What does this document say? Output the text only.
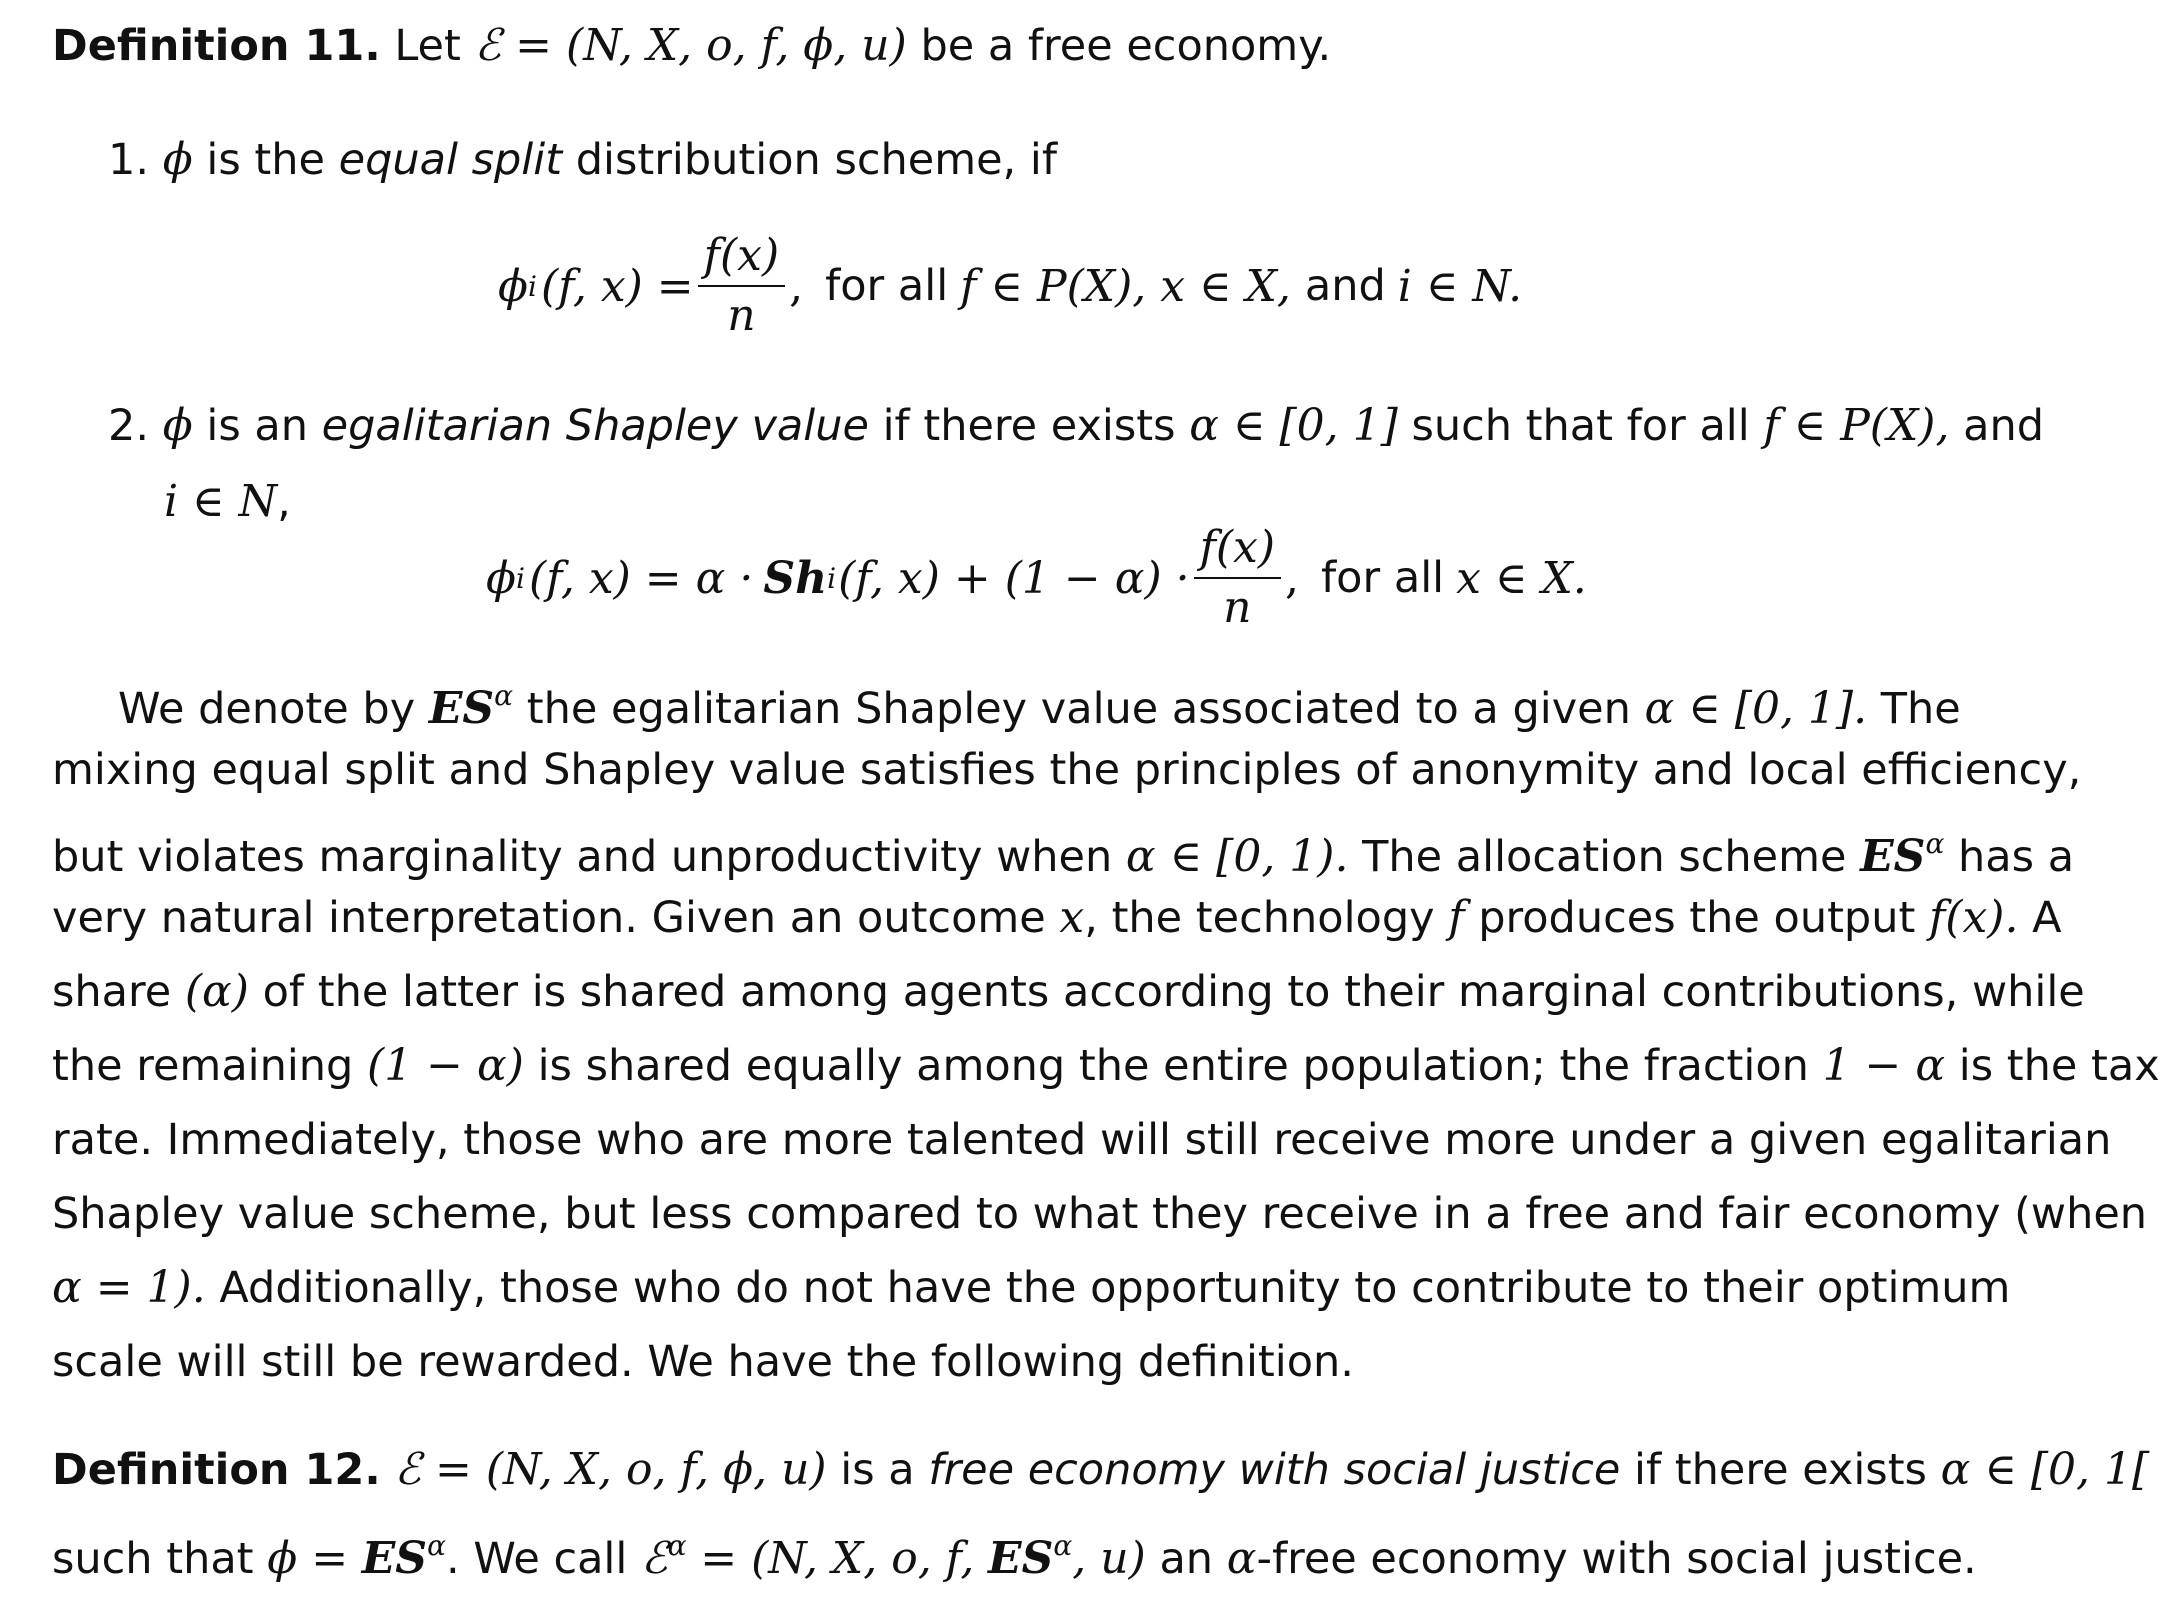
Definition 11. Let ℰ = (N, X, o, f, ϕ, u) be a free economy.
1. ϕ is the equal split distribution scheme, if
ϕ i (f, $x) = \frac{f(x)}{n}$ , for all f ∈ P(X), x ∈ X, and i ∈ N.
2. ϕ is an egalitarian Shapley value if there exists α ∈ [0, 1] such that for all f ∈ P(X), and
i ∈ N,
ϕ i (f, x) = α · Sh i (f, $x) + (1 - \alpha) \cdot \frac{f(x)}{n}$ , for all x ∈ X.
We denote by $ES^\alpha$ the egalitarian Shapley value associated to a given α ∈ [0, 1]. The
mixing equal split and Shapley value satisfies the principles of anonymity and local efficiency,
but violates marginality and unproductivity when α ∈ [0, 1). The allocation scheme $ES^\alpha$ has a
very natural interpretation. Given an outcome x, the technology f produces the output f(x). A
share (α) of the latter is shared among agents according to their marginal contributions, while
the remaining (1 − α) is shared equally among the entire population; the fraction 1 − α is the tax
rate. Immediately, those who are more talented will still receive more under a given egalitarian
Shapley value scheme, but less compared to what they receive in a free and fair economy (when
α = 1). Additionally, those who do not have the opportunity to contribute to their optimum
scale will still be rewarded. We have the following definition.
Definition 12. ℰ = (N, X, o, f, ϕ, u) is a free economy with social justice if there exists α ∈ [0, 1[
such that $\phi = ES^\alpha$. We call ℰ$^\alpha$ = (N, X, o, f, $ES^\alpha$, u) an α-free economy with social justice.
